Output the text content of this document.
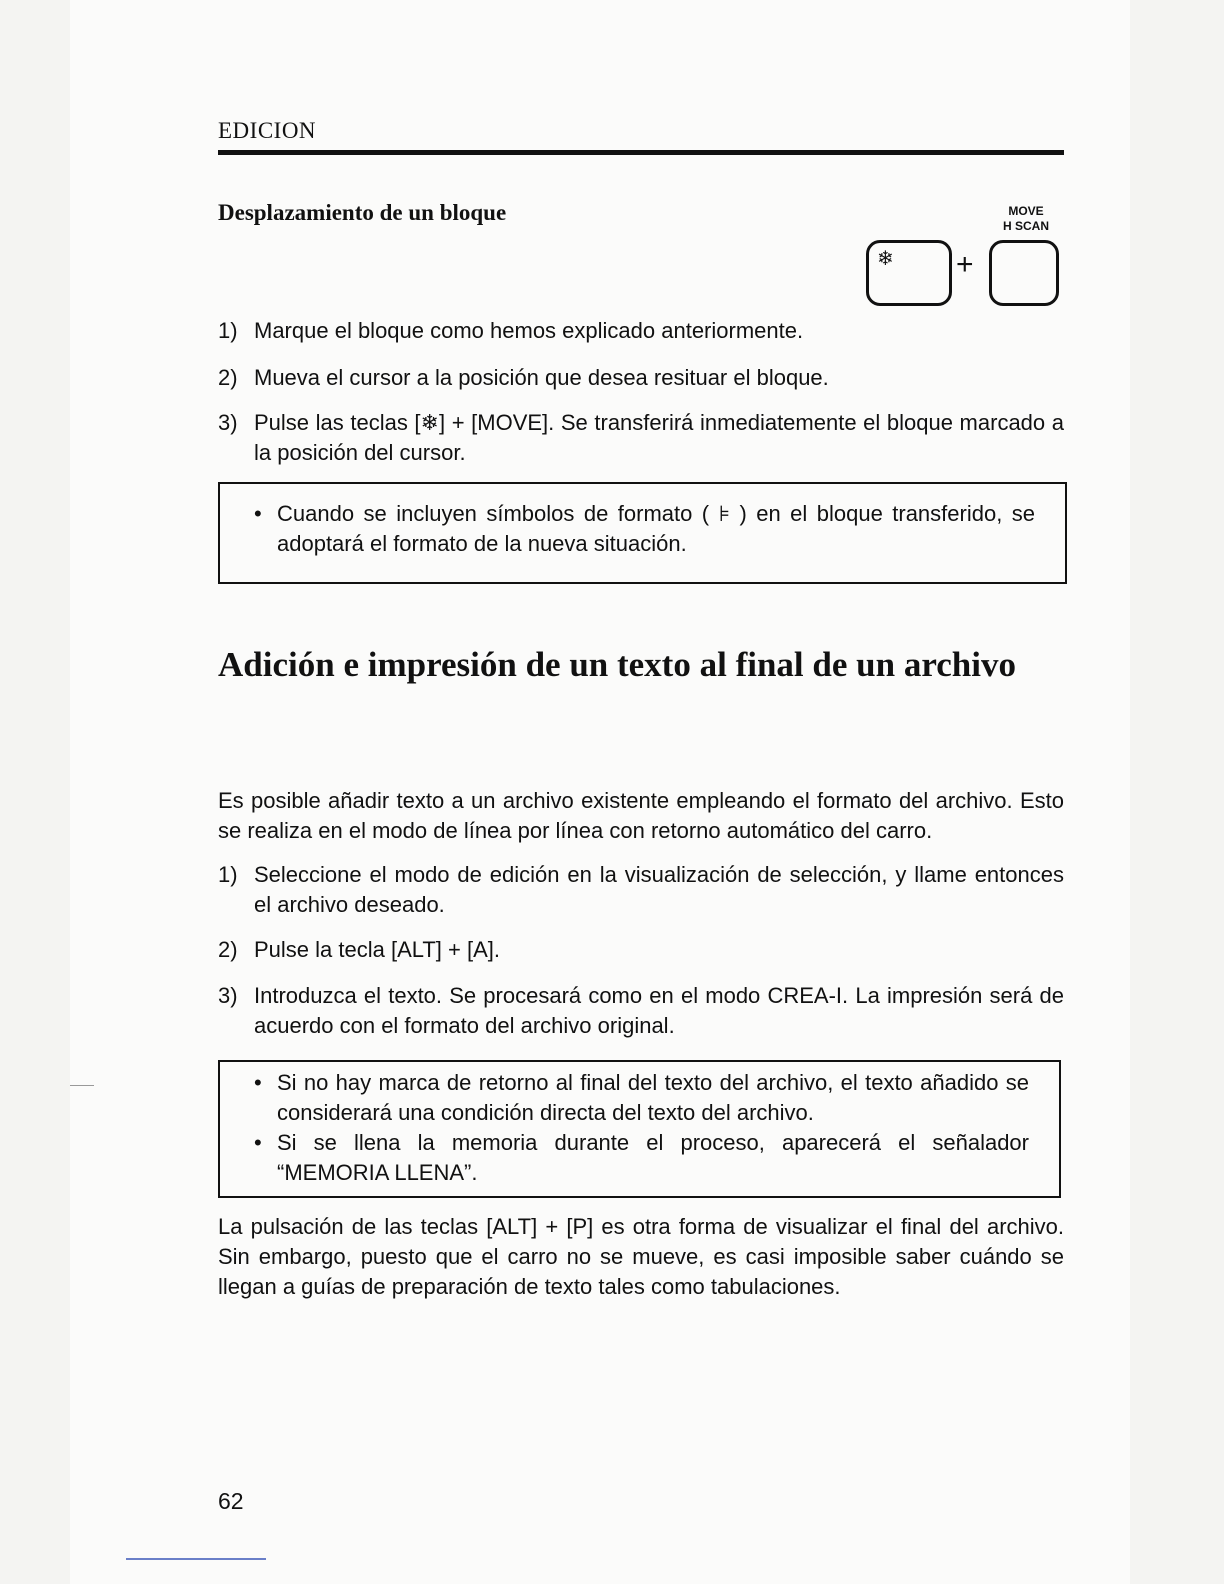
EDICION
Desplazamiento de un bloque	MOVE
H SCAN
❄ +
1) Marque el bloque como hemos explicado anteriormente.
2) Mueva el cursor a la posición que desea resituar el bloque.
3) Pulse las teclas [❄] + [MOVE]. Se transferirá inmediatemente el bloque marcado a la posición del cursor.
• Cuando se incluyen símbolos de formato ( ⊧ ) en el bloque transferido, se adoptará el formato de la nueva situación.
Adición e impresión de un texto al final de un archivo
Es posible añadir texto a un archivo existente empleando el formato del archivo. Esto se realiza en el modo de línea por línea con retorno automático del carro.
1) Seleccione el modo de edición en la visualización de selección, y llame entonces el archivo deseado.
2) Pulse la tecla [ALT] + [A].
3) Introduzca el texto. Se procesará como en el modo CREA-I. La impresión será de acuerdo con el formato del archivo original.
• Si no hay marca de retorno al final del texto del archivo, el texto añadido se considerará una condición directa del texto del archivo.
• Si se llena la memoria durante el proceso, aparecerá el señalador “MEMORIA LLENA”.
La pulsación de las teclas [ALT] + [P] es otra forma de visualizar el final del archivo. Sin embargo, puesto que el carro no se mueve, es casi imposible saber cuándo se llegan a guías de preparación de texto tales como tabulaciones.
62
